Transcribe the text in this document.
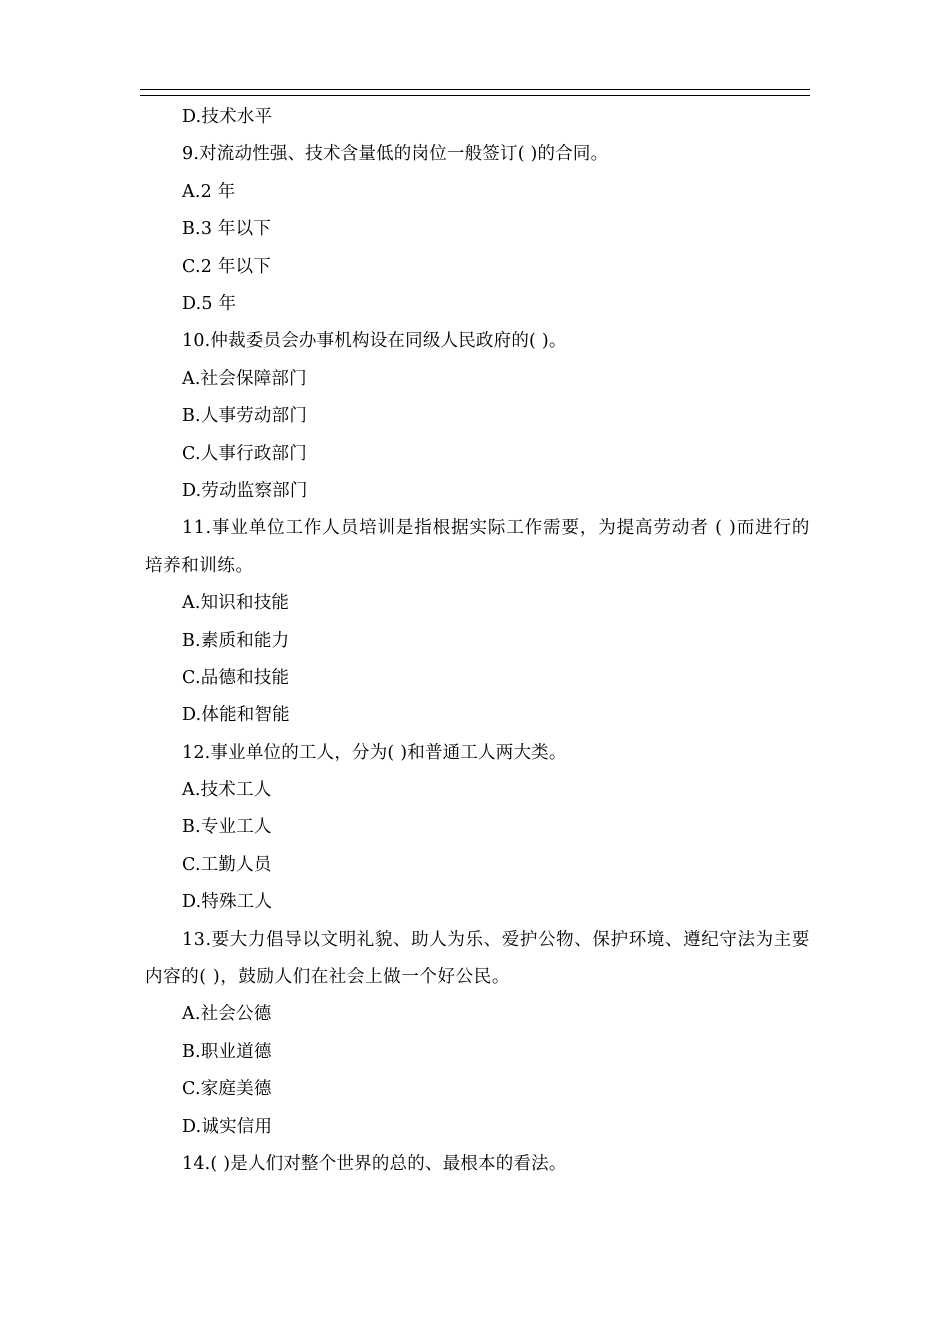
D.技术水平
9.对流动性强、技术含量低的岗位一般签订( )的合同。
A.2 年
B.3 年以下
C.2 年以下
D.5 年
10.仲裁委员会办事机构设在同级人民政府的( )。
A.社会保障部门
B.人事劳动部门
C.人事行政部门
D.劳动监察部门

11.事业单位工作人员培训是指根据实际工作需要，为提高劳动者 ( )而进行的培养和训练。

A.知识和技能
B.素质和能力
C.品德和技能
D.体能和智能
12.事业单位的工人，分为( )和普通工人两大类。
A.技术工人
B.专业工人
C.工勤人员
D.特殊工人

13.要大力倡导以文明礼貌、助人为乐、爱护公物、保护环境、遵纪守法为主要内容的( )，鼓励人们在社会上做一个好公民。

A.社会公德
B.职业道德
C.家庭美德
D.诚实信用
14.( )是人们对整个世界的总的、最根本的看法。
